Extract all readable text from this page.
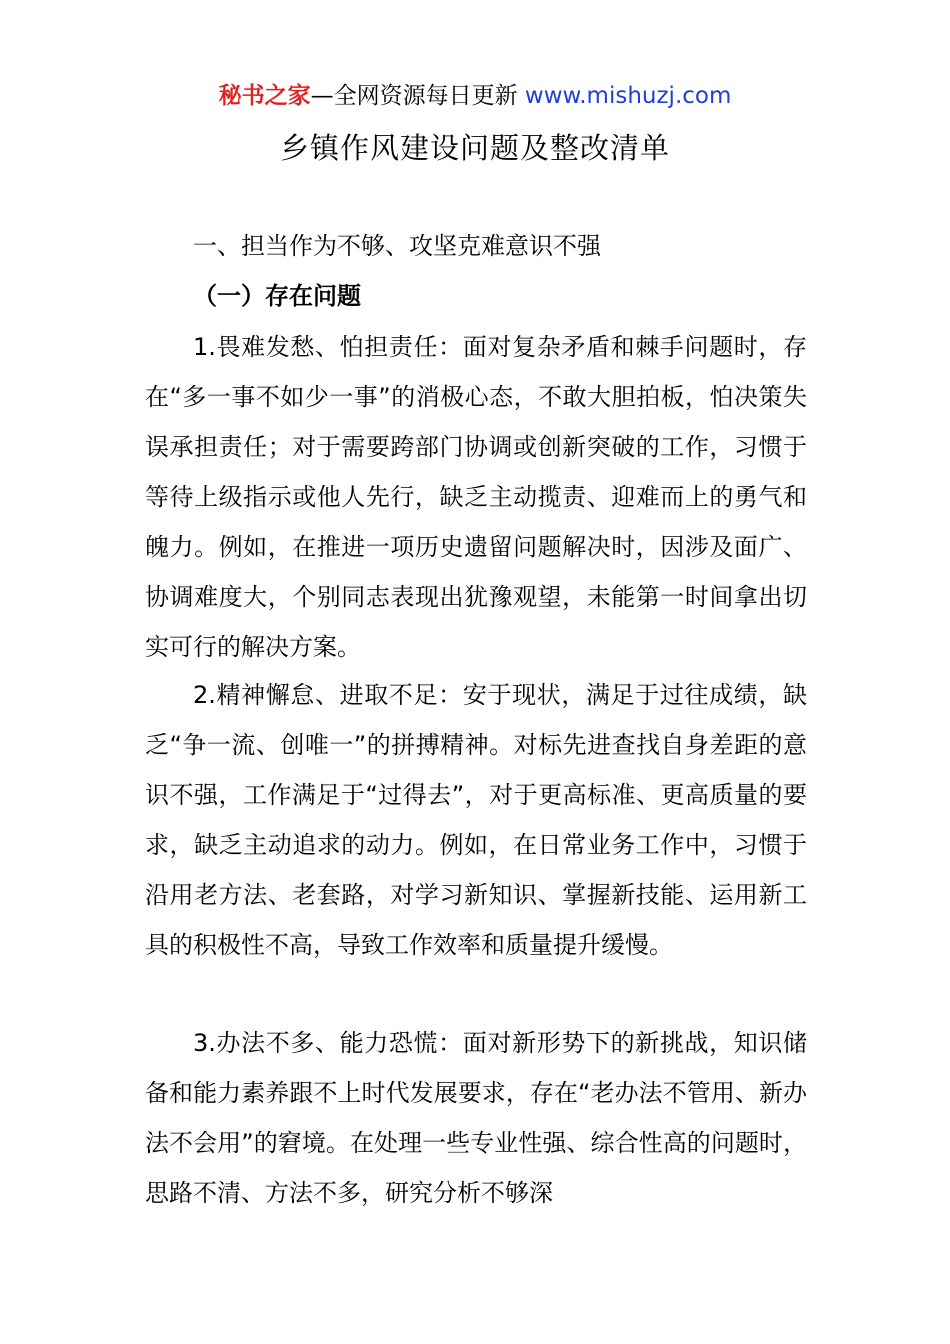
秘书之家—全网资源每日更新 www.mishuzj.com
乡镇作风建设问题及整改清单
一、担当作为不够、攻坚克难意识不强
（一）存在问题

1.畏难发愁、怕担责任：面对复杂矛盾和棘手问题时，存在“多一事不如少一事”的消极心态，不敢大胆拍板，怕决策失误承担责任；对于需要跨部门协调或创新突破的工作，习惯于等待上级指示或他人先行，缺乏主动揽责、迎难而上的勇气和魄力。例如，在推进一项历史遗留问题解决时，因涉及面广、协调难度大，个别同志表现出犹豫观望，未能第一时间拿出切实可行的解决方案。

2.精神懈怠、进取不足：安于现状，满足于过往成绩，缺乏“争一流、创唯一”的拼搏精神。对标先进查找自身差距的意识不强，工作满足于“过得去”，对于更高标准、更高质量的要求，缺乏主动追求的动力。例如，在日常业务工作中，习惯于沿用老方法、老套路，对学习新知识、掌握新技能、运用新工具的积极性不高，导致工作效率和质量提升缓慢。

3.办法不多、能力恐慌：面对新形势下的新挑战，知识储备和能力素养跟不上时代发展要求，存在“老办法不管用、新办法不会用”的窘境。在处理一些专业性强、综合性高的问题时，思路不清、方法不多，研究分析不够深
